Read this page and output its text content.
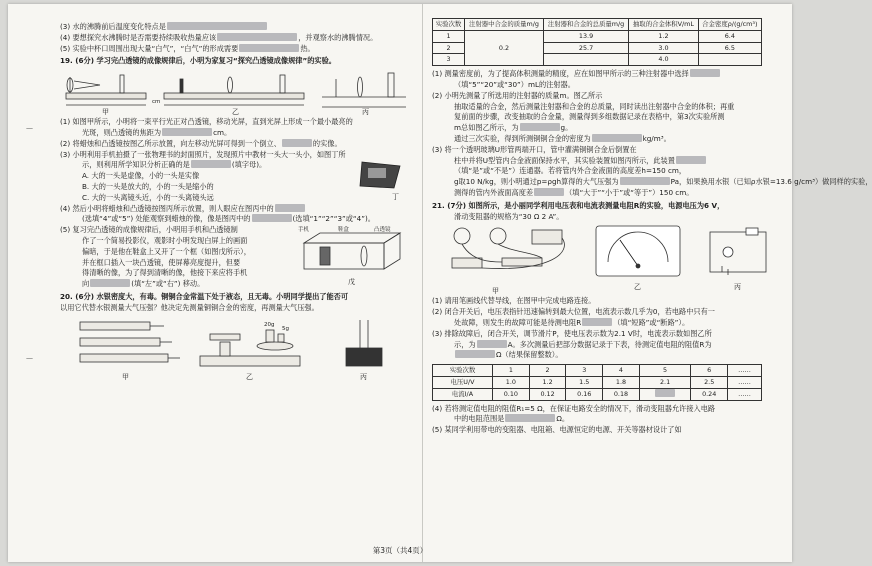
—
—
(3) 水的沸腾前后温度变化特点是
(4) 要想探究水沸腾时是否需要持续吸收热量应该	，并观察水的沸腾情况。
(5) 实验中杯口周围出现大量“白气”，“白气”的形成需要	热。
19. (6分) 学习完凸透镜的成像规律后，小明为家复习“探究凸透镜成像规律”的实验。
甲	乙	丙
cm
(1) 如图甲所示，小明将一束平行光正对凸透镜，移动光屏，直到光屏上形成一个最小最亮的
光斑，则凸透镜的焦距为	cm。
(2) 将蜡烛和凸透镜按图乙所示放置，向左移动光屏可得到一个倒立、	的实像。
(3) 小明利用手机拍摄了一张物理书的封面照片，发现照片中教材一头大一头小，如图丁所
示，则利用所学知识分析正确的是	(填字母)。
A. 大的一头是虚像，小的一头是实像
B. 大的一头是放大的，小的一头是缩小的
C. 大的一头离镜头近，小的一头离镜头远	丁
(4) 然后小明将蜡烛和凸透镜按图丙所示放置，则人眼应在图丙中的
(选填“4”或“5”) 处能观察到蜡烛的像，像是图丙中的	(选填“1”“2”“3”或“4”)。
(5) 复习完凸透镜的成像规律后，小明用手机和凸透镜制
作了一个简易投影仪，观影时小明发现白屏上的画面
偏暗，于是他在鞋盒上又开了一个框（如图戊所示），
并在框口插入一块凸透镜，使屏幕亮度提升，但要
得清晰的像，为了得到清晰的像，他接下来应将手机
向	(填“左”或“右”) 移动。
手机	鞋盒	凸透镜
戊
20. (6分) 水银密度大，有毒。铜铜合金常温下处于液态，且无毒。小明同学提出了能否可
以用它代替水银测量大气压强？他决定先测量铜铜合金的密度，再测量大气压强。
甲	乙	丙
20g
5g
实验次数	注射器中合金的质量m/g	注射器和合金的总质量m/g	抽取的合金体积V/mL	合金密度ρ/(g/cm³)
1	0.2	13.9	1.2	6.4
2		25.7	3.0	6.5
3			4.0	
(1) 测量密度前，为了提高体积测量的精度，应在如图甲所示的三种注射器中选择
（填“5”“20”或“30”）mL的注射器。
(2) 小明先测量了所选用的注射器的质量m。图乙所示
抽取适量的合金，然后测量注射器和合金的总质量，同时读出注射器中合金的体积；再重
复前面的步骤，改变抽取的合金量，测量得到多组数据记录在表格中，第3次实验所测
m总如图乙所示，为	g。
通过三次实验，得到所测铜铜合金的密度为	kg/m³。
(3) 将一个透明玻璃U形管两端开口，管中灌满铜铜合金后倒置在
柱中并将U型管内合金液面保持水平，其实验装置如图丙所示，此装置
（填“是”或“不是”）连通器。若将管内外合金液面的高度差h=150 cm，
g取10 N/kg，则小明通过p=ρgh算得的大气压强为	Pa，如果换用水银（已知ρ水银=13.6 g/cm³）做同样的实验，
测得的管内外液面高度差	（填“大于”“小于”或“等于”）150 cm。
21. (7分) 如图所示，是小丽同学利用电压表和电流表测量电阻R的实验，电源电压为6 V，
滑动变阻器的规格为“30 Ω 2 A”。
甲	乙	丙
(1) 请用笔画线代替导线，在图甲中完成电路连接。
(2) 闭合开关后，电压表指针迅速偏转到最大位置，电流表示数几乎为0，若电路中只有一
处故障，则发生的故障可能是待测电阻R	（填“短路”或“断路”）。
(3) 排除故障后，闭合开关，调节滑片P，使电压表示数为2.1 V时，电流表示数如图乙所
示，为	A。多次测量后把部分数据记录于下表，待测定值电阻的阻值R为
Ω（结果保留整数）。
实验次数	1	2	3	4	5	6	……
电压U/V	1.0	1.2	1.5	1.8	2.1	2.5	……
电流I/A	0.10	0.12	0.16	0.18		0.24	……
(4) 若将测定值电阻的阻值R₁=5 Ω，在保证电路安全的情况下，滑动变阻器允许接入电路
中的电阻范围是	Ω。
(5) 某同学利用带电的变阻器、电阻箱、电源恒定的电源、开关等器材设计了如
第3页（共4页）
